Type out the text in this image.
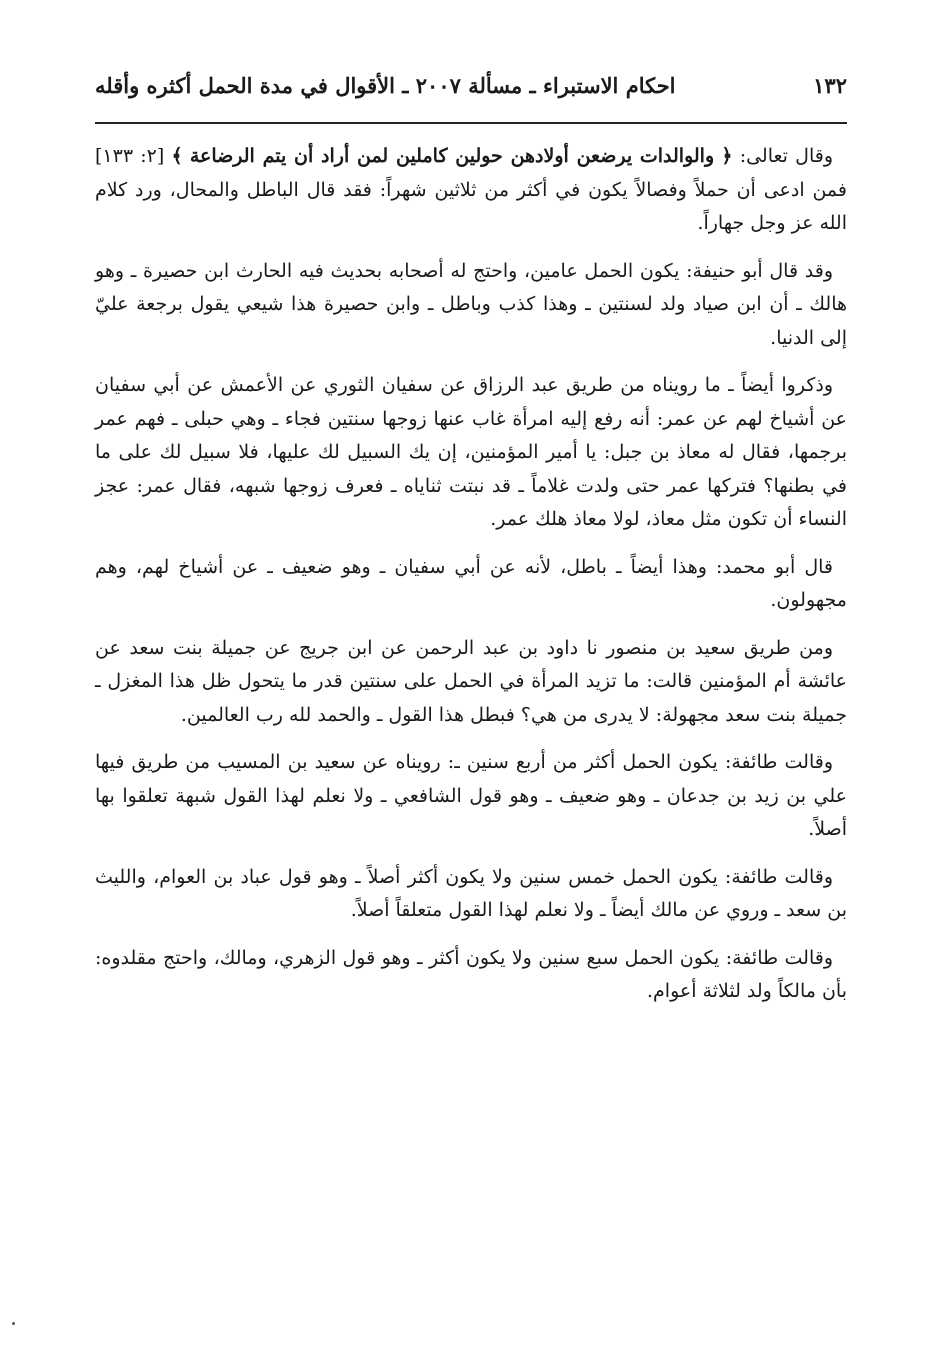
١٣٢
احكام الاستبراء ـ مسألة ٢٠٠٧ ـ الأقوال في مدة الحمل أكثره وأقله

وقال تعالى: ﴿ والوالدات يرضعن أولادهن حولين كاملين لمن أراد أن يتم الرضاعة ﴾ [٢: ١٣٣] فمن ادعى أن حملاً وفصالاً يكون في أكثر من ثلاثين شهراً: فقد قال الباطل والمحال، ورد كلام الله عز وجل جهاراً.

وقد قال أبو حنيفة: يكون الحمل عامين، واحتج له أصحابه بحديث فيه الحارث ابن حصيرة ـ وهو هالك ـ أن ابن صياد ولد لسنتين ـ وهذا كذب وباطل ـ وابن حصيرة هذا شيعي يقول برجعة عليّ إلى الدنيا.

وذكروا أيضاً ـ ما رويناه من طريق عبد الرزاق عن سفيان الثوري عن الأعمش عن أبي سفيان عن أشياخ لهم عن عمر: أنه رفع إليه امرأة غاب عنها زوجها سنتين فجاء ـ وهي حبلى ـ فهم عمر برجمها، فقال له معاذ بن جبل: يا أمير المؤمنين، إن يك السبيل لك عليها، فلا سبيل لك على ما في بطنها؟ فتركها عمر حتى ولدت غلاماً ـ قد نبتت ثناياه ـ فعرف زوجها شبهه، فقال عمر: عجز النساء أن تكون مثل معاذ، لولا معاذ هلك عمر.

قال أبو محمد: وهذا أيضاً ـ باطل، لأنه عن أبي سفيان ـ وهو ضعيف ـ عن أشياخ لهم، وهم مجهولون.

ومن طريق سعيد بن منصور نا داود بن عبد الرحمن عن ابن جريج عن جميلة بنت سعد عن عائشة أم المؤمنين قالت: ما تزيد المرأة في الحمل على سنتين قدر ما يتحول ظل هذا المغزل ـ جميلة بنت سعد مجهولة: لا يدرى من هي؟ فبطل هذا القول ـ والحمد لله رب العالمين.

وقالت طائفة: يكون الحمل أكثر من أربع سنين ـ: رويناه عن سعيد بن المسيب من طريق فيها علي بن زيد بن جدعان ـ وهو ضعيف ـ وهو قول الشافعي ـ ولا نعلم لهذا القول شبهة تعلقوا بها أصلاً.

وقالت طائفة: يكون الحمل خمس سنين ولا يكون أكثر أصلاً ـ وهو قول عباد بن العوام، والليث بن سعد ـ وروي عن مالك أيضاً ـ ولا نعلم لهذا القول متعلقاً أصلاً.

وقالت طائفة: يكون الحمل سبع سنين ولا يكون أكثر ـ وهو قول الزهري، ومالك، واحتج مقلدوه: بأن مالكاً ولد لثلاثة أعوام.
